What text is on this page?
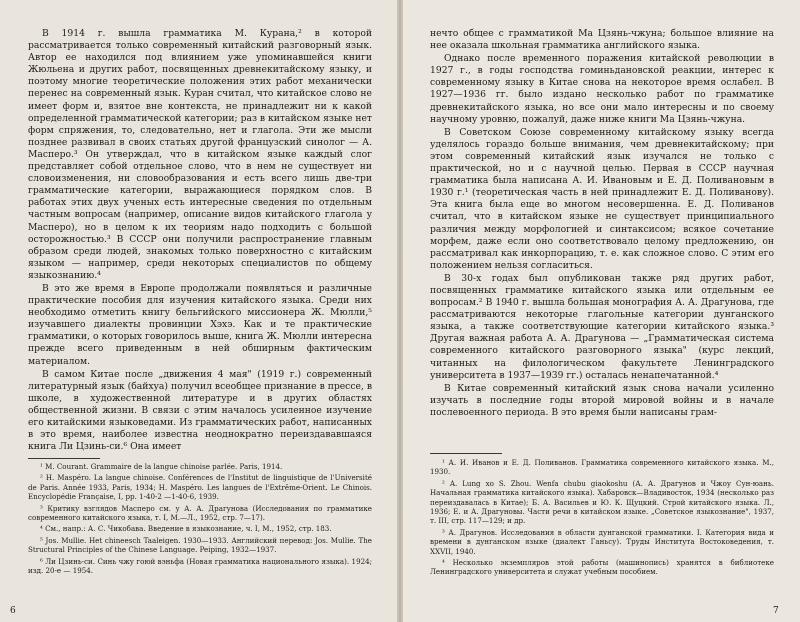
В 1914 г. вышла грамматика М. Курана,² в которой рассматривается только современный китайский разговорный язык. Автор ее находился под влиянием уже упоминавшейся книги Жюльена и других работ, посвященных древнекитайскому языку, и поэтому многие теоретические положения этих работ механически перенес на современный язык. Куран считал, что китайское слово не имеет форм и, взятое вне контекста, не принадлежит ни к какой определенной грамматической категории; раз в китайском языке нет форм спряжения, то, следовательно, нет и глагола. Эти же мысли позднее развивал в своих статьях другой французский синолог — А. Масперо.³ Он утверждал, что в китайском языке каждый слог представляет собой отдельное слово, что в нем не существует ни словоизменения, ни словообразования и есть всего лишь две-три грамматические категории, выражающиеся порядком слов. В работах этих двух ученых есть интересные сведения по отдельным частным вопросам (например, описание видов китайского глагола у Масперо), но в целом к их теориям надо подходить с большой осторожностью.³ В СССР они получили распространение главным образом среди людей, знакомых только поверхностно с китайским языком — например, среди некоторых специалистов по общему языкознанию.⁴

В это же время в Европе продолжали появляться и различные практические пособия для изучения китайского языка. Среди них необходимо отметить книгу бельгийского миссионера Ж. Мюлли,⁵ изучавшего диалекты провинции Хэхэ. Как и те практические грамматики, о которых говорилось выше, книга Ж. Мюлли интересна прежде всего приведенным в ней обширным фактическим материалом.

В самом Китае после „движения 4 мая" (1919 г.) современный литературный язык (байхуа) получил всеобщее признание в прессе, в школе, в художественной литературе и в других областях общественной жизни. В связи с этим началось усиленное изучение его китайскими языковедами. Из грамматических работ, написанных в это время, наиболее известна неоднократно переиздававшаяся книга Ли Цзинь-си.⁶ Она имеет

¹ M. Courant. Grammaire de la langue chinoise parlée. Paris, 1914.

² H. Maspéro. La langue chinoise. Conférences de l'Institut de linguistique de l'Université de Paris. Année 1933, Paris, 1934; H. Maspéro. Les langues de l'Extrême-Orient. Le Chinois. Encyclopédie Française, I, pp. 1-40-2 —1-40-6, 1939.

³ Критику взглядов Масперо см. у А. А. Драгунова (Исследования по грамматике современного китайского языка, т. I, М.—Л., 1952, стр. 7—17).

⁴ См., напр.: А. С. Чикобава. Введение в языкознание, ч. I, М., 1952, стр. 183.

⁵ Jos. Mullie. Het chineesch Taaleigen. 1930—1933. Английский перевод: Jos. Mullie. The Structural Principles of the Chinese Language. Peiping, 1932—1937.

⁶ Ли Цзинь-си. Синь чжу гоюй вэньфа (Новая грамматика национального языка). 1924; изд. 20-е — 1954.

6

нечто общее с грамматикой Ма Цзянь-чжуна; большое влияние на нее оказала школьная грамматика английского языка.

Однако после временного поражения китайской революции в 1927 г., в годы господства гоминьдановской реакции, интерес к современному языку в Китае снова на некоторое время ослабел. В 1927—1936 гг. было издано несколько работ по грамматике древнекитайского языка, но все они мало интересны и по своему научному уровню, пожалуй, даже ниже книги Ма Цзянь-чжуна.

В Советском Союзе современному китайскому языку всегда уделялось гораздо больше внимания, чем древнекитайскому; при этом современный китайский язык изучался не только с практической, но и с научной целью. Первая в СССР научная грамматика была написана А. И. Ивановым и Е. Д. Поливановым в 1930 г.¹ (теоретическая часть в ней принадлежит Е. Д. Поливанову). Эта книга была еще во многом несовершенна. Е. Д. Поливанов считал, что в китайском языке не существует принципиального различия между морфологией и синтаксисом; всякое сочетание морфем, даже если оно соответствовало целому предложению, он рассматривал как инкорпорацию, т. е. как сложное слово. С этим его положением нельзя согласиться.

В 30-х годах был опубликован также ряд других работ, посвященных грамматике китайского языка или отдельным ее вопросам.² В 1940 г. вышла большая монография А. А. Драгунова, где рассматриваются некоторые глагольные категории дунганского языка, а также соответствующие категории китайского языка.³ Другая важная работа А. А. Драгунова — „Грамматическая система современного китайского разговорного языка" (курс лекций, читанных на филологическом факультете Ленинградского университета в 1937—1939 гг.) осталась ненапечатанной.⁴

В Китае современный китайский язык снова начали усиленно изучать в последние годы второй мировой войны и в начале послевоенного периода. В это время были написаны грам-

¹ А. И. Иванов и Е. Д. Поливанов. Грамматика современного китайского языка. М., 1930.

² A. Lung xo S. Zhou. Wenfa chubu giaokoshu (А. А. Драгунов и Чжоу Сун-юань. Начальная грамматика китайского языка). Хабаровск—Владивосток, 1934 (несколько раз переиздавалась в Китае); Б. А. Васильев и Ю. К. Щуцкий. Строй китайского языка. Л., 1936; Е. и А. Драгуновы. Части речи в китайском языке. „Советское языкознание", 1937, т. III, стр. 117—129; и др.

³ А. Драгунов. Исследования в области дунганской грамматики. I. Категория вида и времени в дунганском языке (диалект Ганьсу). Труды Института Востоковедения, т. XXVII, 1940.

⁴ Несколько экземпляров этой работы (машинопись) хранятся в библиотеке Ленинградского университета и служат учебным пособием.

7
